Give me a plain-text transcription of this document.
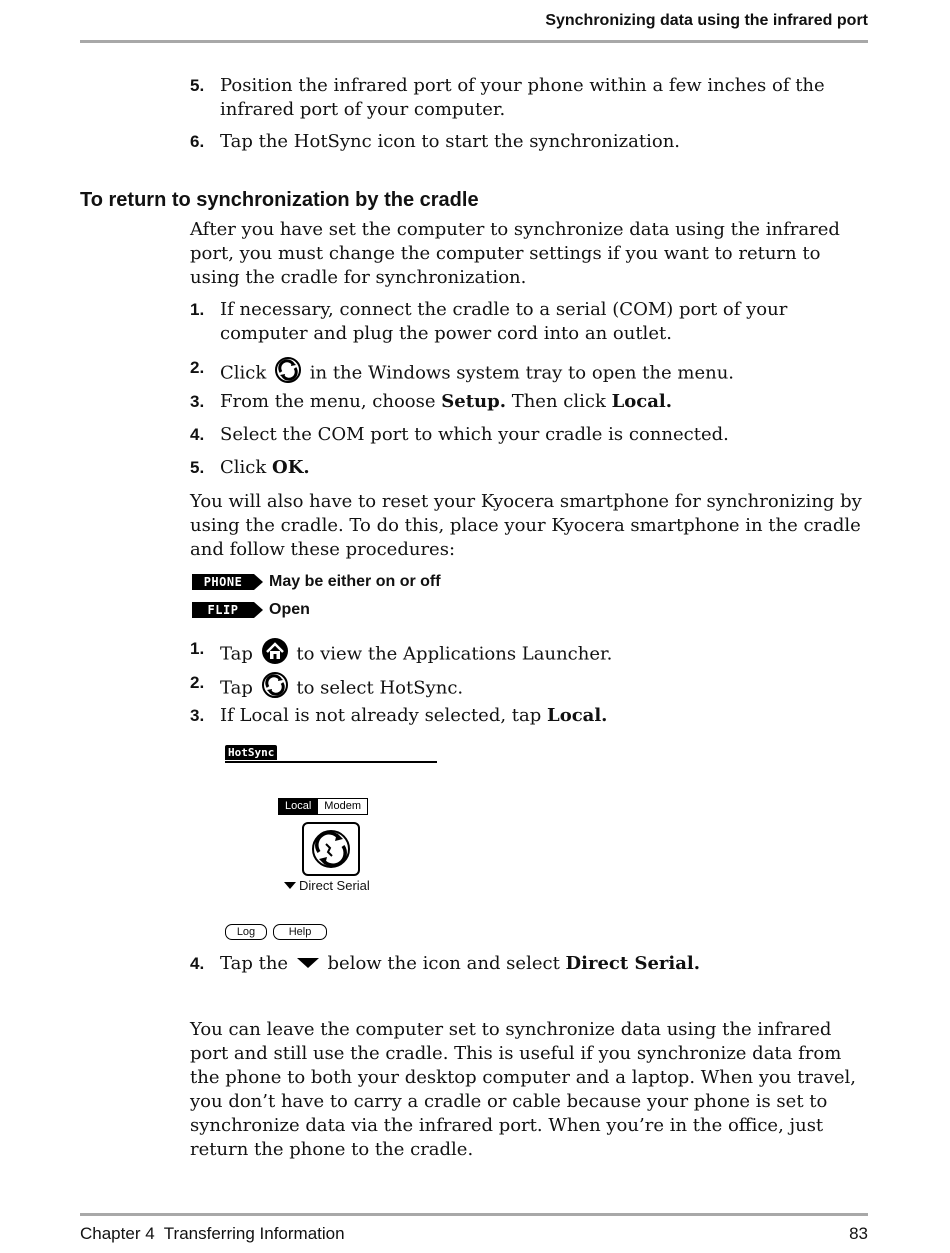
Synchronizing data using the infrared port
5. Position the infrared port of your phone within a few inches of the infrared port of your computer.
6. Tap the HotSync icon to start the synchronization.
To return to synchronization by the cradle
After you have set the computer to synchronize data using the infrared port, you must change the computer settings if you want to return to using the cradle for synchronization.
1. If necessary, connect the cradle to a serial (COM) port of your computer and plug the power cord into an outlet.
2. Click in the Windows system tray to open the menu.
3. From the menu, choose Setup. Then click Local.
4. Select the COM port to which your cradle is connected.
5. Click OK.
You will also have to reset your Kyocera smartphone for synchronizing by using the cradle. To do this, place your Kyocera smartphone in the cradle and follow these procedures:
PHONE	May be either on or off
FLIP	Open
1. Tap to view the Applications Launcher.
2. Tap to select HotSync.
3. If Local is not already selected, tap Local.
HotSync
Local	Modem
Direct Serial
Log	Help
4. Tap the below the icon and select Direct Serial.
You can leave the computer set to synchronize data using the infrared port and still use the cradle. This is useful if you synchronize data from the phone to both your desktop computer and a laptop. When you travel, you don’t have to carry a cradle or cable because your phone is set to synchronize data via the infrared port. When you’re in the office, just return the phone to the cradle.
Chapter 4  Transferring Information	83
